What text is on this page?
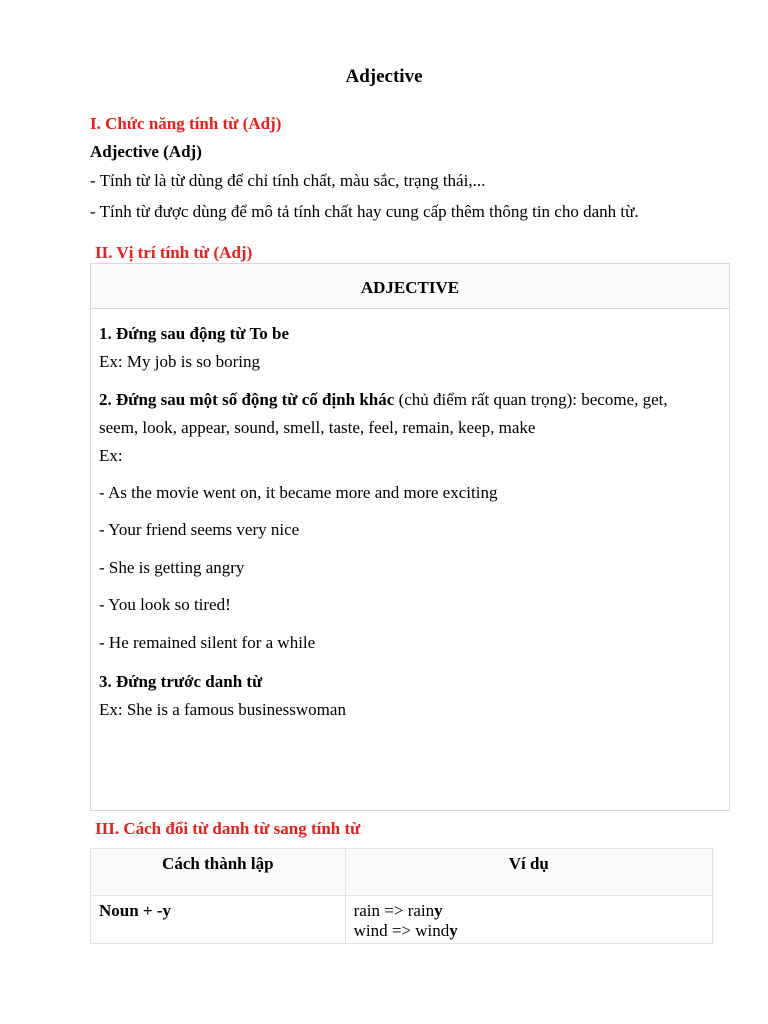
Adjective
I. Chức năng tính từ (Adj)
Adjective (Adj)
- Tính từ là từ dùng để chỉ tính chất, màu sắc, trạng thái,...
- Tính từ được dùng để mô tả tính chất hay cung cấp thêm thông tin cho danh từ.
II. Vị trí tính từ (Adj)
ADJECTIVE
1. Đứng sau động từ To be
Ex: My job is so boring
2. Đứng sau một số động từ cố định khác (chủ điểm rất quan trọng): become, get,
seem, look, appear, sound, smell, taste, feel, remain, keep, make
Ex:
- As the movie went on, it became more and more exciting
- Your friend seems very nice
- She is getting angry
- You look so tired!
- He remained silent for a while
3. Đứng trước danh từ
Ex: She is a famous businesswoman
III. Cách đổi từ danh từ sang tính từ
Cách thành lập	Ví dụ

Noun + -y	rain => rainy
wind => windy
